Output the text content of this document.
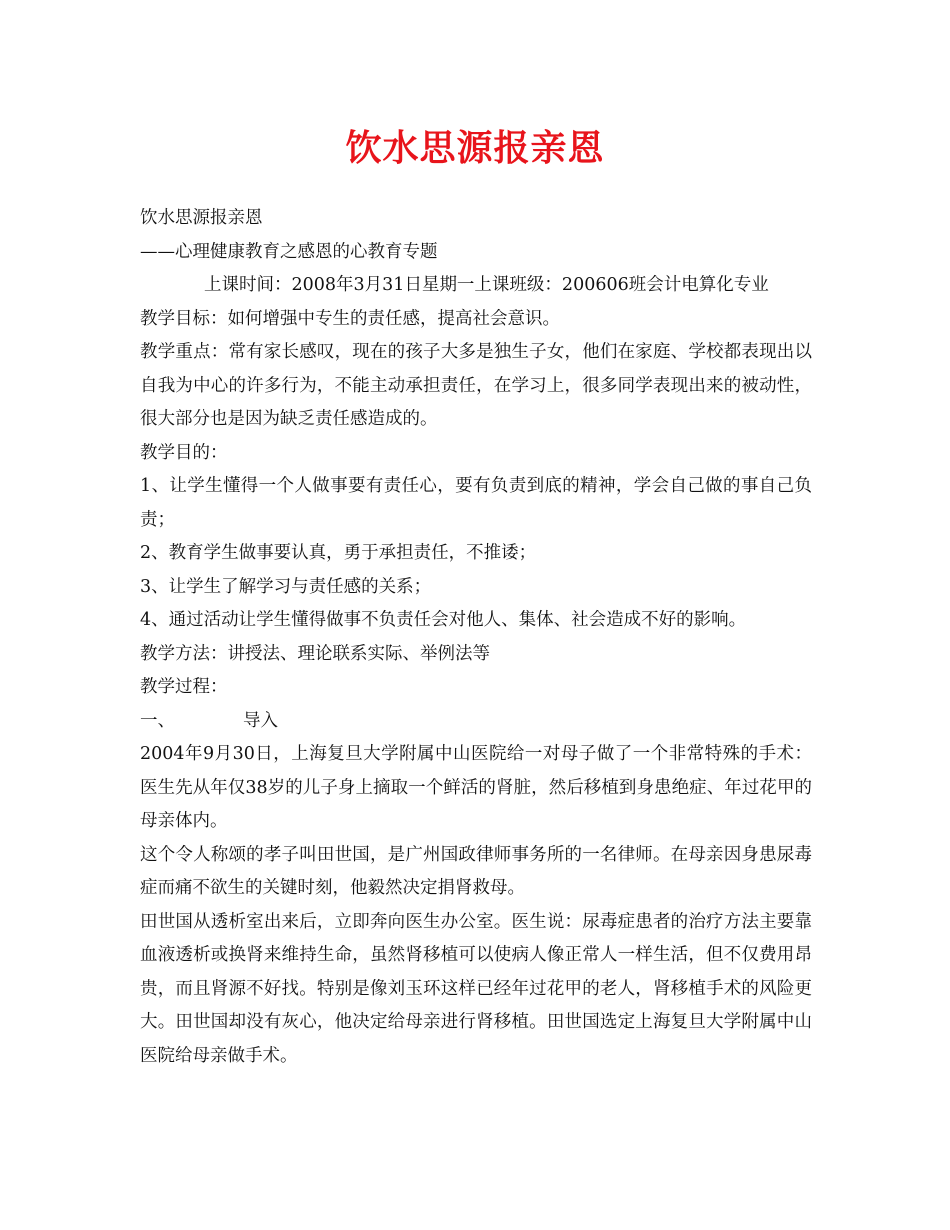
饮水思源报亲恩

饮水思源报亲恩

——心理健康教育之感恩的心教育专题

上课时间：2008年3月31日星期一上课班级：200606班会计电算化专业

教学目标：如何增强中专生的责任感，提高社会意识。

教学重点：常有家长感叹，现在的孩子大多是独生子女，他们在家庭、学校都表现出以自我为中心的许多行为，不能主动承担责任，在学习上，很多同学表现出来的被动性，很大部分也是因为缺乏责任感造成的。

教学目的：

1、让学生懂得一个人做事要有责任心，要有负责到底的精神，学会自己做的事自己负责；

2、教育学生做事要认真，勇于承担责任，不推诿；

3、让学生了解学习与责任感的关系；

4、通过活动让学生懂得做事不负责任会对他人、集体、社会造成不好的影响。

教学方法：讲授法、理论联系实际、举例法等

教学过程：

一、	导入

2004年9月30日，上海复旦大学附属中山医院给一对母子做了一个非常特殊的手术：医生先从年仅38岁的儿子身上摘取一个鲜活的肾脏，然后移植到身患绝症、年过花甲的母亲体内。

这个令人称颂的孝子叫田世国，是广州国政律师事务所的一名律师。在母亲因身患尿毒症而痛不欲生的关键时刻，他毅然决定捐肾救母。

田世国从透析室出来后，立即奔向医生办公室。医生说：尿毒症患者的治疗方法主要靠血液透析或换肾来维持生命，虽然肾移植可以使病人像正常人一样生活，但不仅费用昂贵，而且肾源不好找。特别是像刘玉环这样已经年过花甲的老人，肾移植手术的风险更大。田世国却没有灰心，他决定给母亲进行肾移植。田世国选定上海复旦大学附属中山医院给母亲做手术。
